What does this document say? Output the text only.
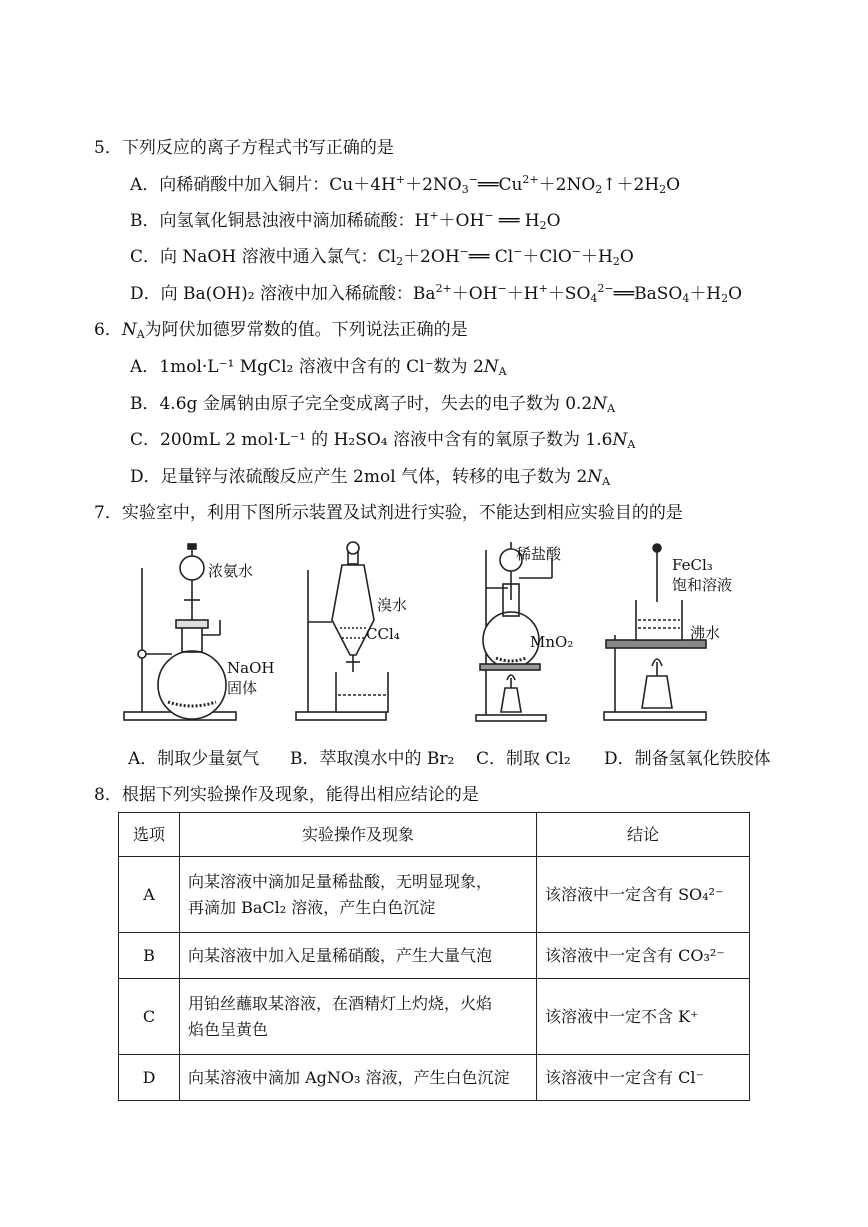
5．下列反应的离子方程式书写正确的是
A．向稀硝酸中加入铜片：$Cu+4H^++2NO_3^-══Cu^{2+}+2NO_2↑+2H_2O$
B．向氢氧化铜悬浊液中滴加稀硫酸：H+＋OH− ══ $H_2O$
C．向 NaOH 溶液中通入氯气：$Cl_2+2OH^-══$ $Cl^-+ClO^-+H_2O$
D．向 Ba(OH)₂ 溶液中加入稀硫酸：$Ba^{2+}+OH^-+H^++SO_4^{2-}══BaSO_4+H_2O$
6．$N_A$为阿伏加德罗常数的值。下列说法正确的是
A．1mol·L⁻¹ MgCl₂ 溶液中含有的 Cl⁻数为 $2N_A$
B．4.6g 金属钠由原子完全变成离子时，失去的电子数为 $0.2N_A$
C．200mL 2 mol·L⁻¹ 的 H₂SO₄ 溶液中含有的氧原子数为 $1.6N_A$
D．足量锌与浓硫酸反应产生 2mol 气体，转移的电子数为 $2N_A$
7．实验室中，利用下图所示装置及试剂进行实验，不能达到相应实验目的的是
浓氨水
NaOH
固体
溴水
CCl₄
稀盐酸
MnO₂
FeCl₃
饱和溶液
沸水
A．制取少量氨气 B．萃取溴水中的 Br₂ C．制取 Cl₂ D．制备氢氧化铁胶体
8．根据下列实验操作及现象，能得出相应结论的是
选项	实验操作及现象	结论
A	向某溶液中滴加足量稀盐酸，无明显现象，
再滴加 BaCl₂ 溶液，产生白色沉淀	该溶液中一定含有 SO₄²⁻
B	向某溶液中加入足量稀硝酸，产生大量气泡	该溶液中一定含有 CO₃²⁻
C	用铂丝蘸取某溶液，在酒精灯上灼烧，火焰
焰色呈黄色	该溶液中一定不含 K⁺
D	向某溶液中滴加 AgNO₃ 溶液，产生白色沉淀	该溶液中一定含有 Cl⁻
